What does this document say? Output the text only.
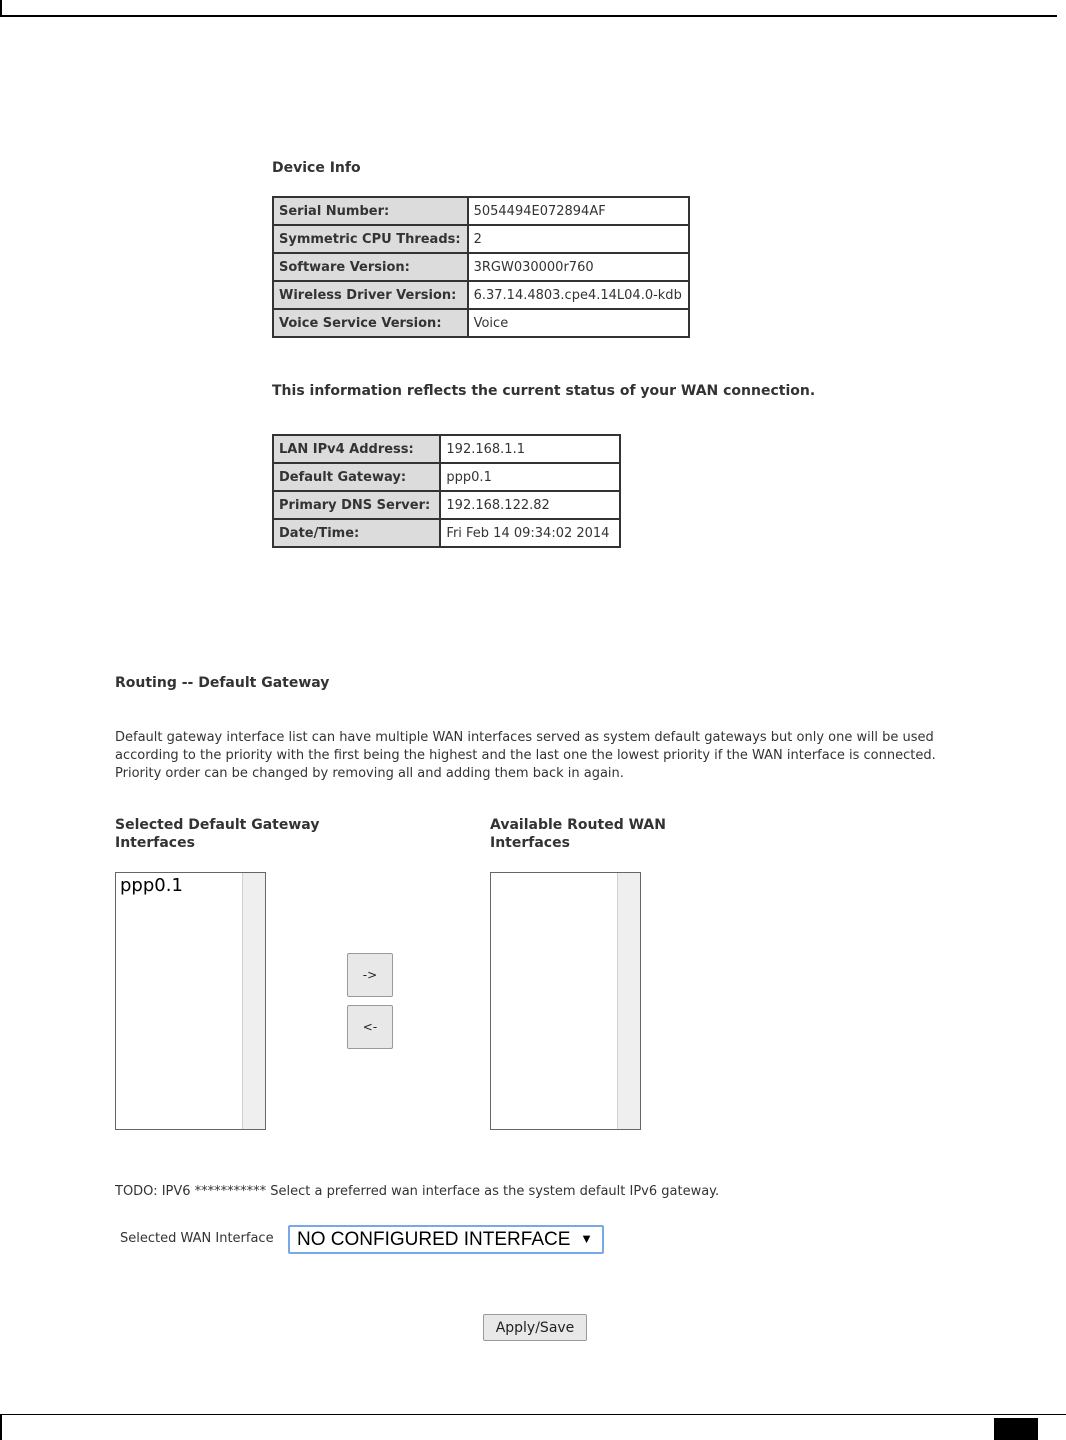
Device Info
Serial Number:	5054494E072894AF
Symmetric CPU Threads:	2
Software Version:	3RGW030000r760
Wireless Driver Version:	6.37.14.4803.cpe4.14L04.0-kdb
Voice Service Version:	Voice
This information reflects the current status of your WAN connection.
LAN IPv4 Address:	192.168.1.1
Default Gateway:	ppp0.1
Primary DNS Server:	192.168.122.82
Date/Time:	Fri Feb 14 09:34:02 2014
Routing -- Default Gateway
Default gateway interface list can have multiple WAN interfaces served as system default gateways but only one will be used according to the priority with the first being the highest and the last one the lowest priority if the WAN interface is connected. Priority order can be changed by removing all and adding them back in again.
Selected Default Gateway
Interfaces
Available Routed WAN
Interfaces
ppp0.1
->
<-
TODO: IPV6 *********** Select a preferred wan interface as the system default IPv6 gateway.
Selected WAN Interface NO CONFIGURED INTERFACE ▼
Apply/Save
